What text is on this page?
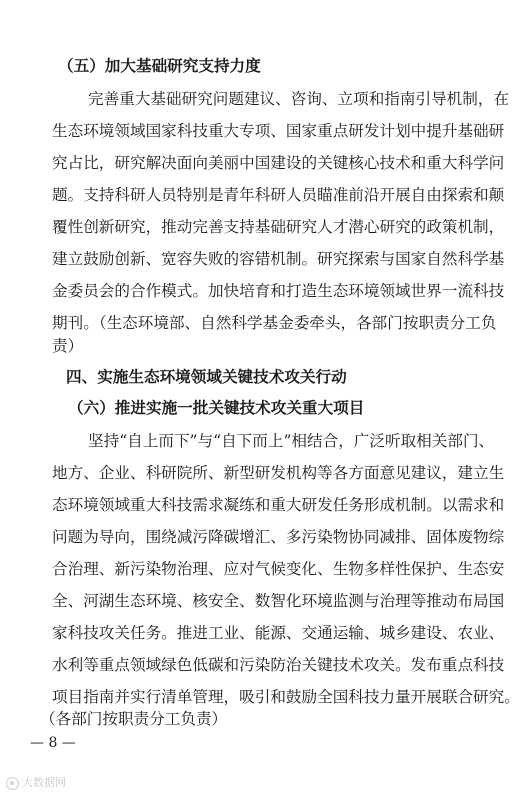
（五）加大基础研究支持力度
完善重大基础研究问题建议、咨询、立项和指南引导机制，在
生态环境领域国家科技重大专项、国家重点研发计划中提升基础研
究占比，研究解决面向美丽中国建设的关键核心技术和重大科学问
题。支持科研人员特别是青年科研人员瞄准前沿开展自由探索和颠
覆性创新研究，推动完善支持基础研究人才潜心研究的政策机制，
建立鼓励创新、宽容失败的容错机制。研究探索与国家自然科学基
金委员会的合作模式。加快培育和打造生态环境领域世界一流科技
期刊。（生态环境部、自然科学基金委牵头，各部门按职责分工负
责）
四、实施生态环境领域关键技术攻关行动
（六）推进实施一批关键技术攻关重大项目
坚持“自上而下”与“自下而上”相结合，广泛听取相关部门、
地方、企业、科研院所、新型研发机构等各方面意见建议，建立生
态环境领域重大科技需求凝练和重大研发任务形成机制。以需求和
问题为导向，围绕减污降碳增汇、多污染物协同减排、固体废物综
合治理、新污染物治理、应对气候变化、生物多样性保护、生态安
全、河湖生态环境、核安全、数智化环境监测与治理等推动布局国
家科技攻关任务。推进工业、能源、交通运输、城乡建设、农业、
水利等重点领域绿色低碳和污染防治关键技术攻关。发布重点科技
项目指南并实行清单管理，吸引和鼓励全国科技力量开展联合研究。
（各部门按职责分工负责）
— 8 —
大数据网
